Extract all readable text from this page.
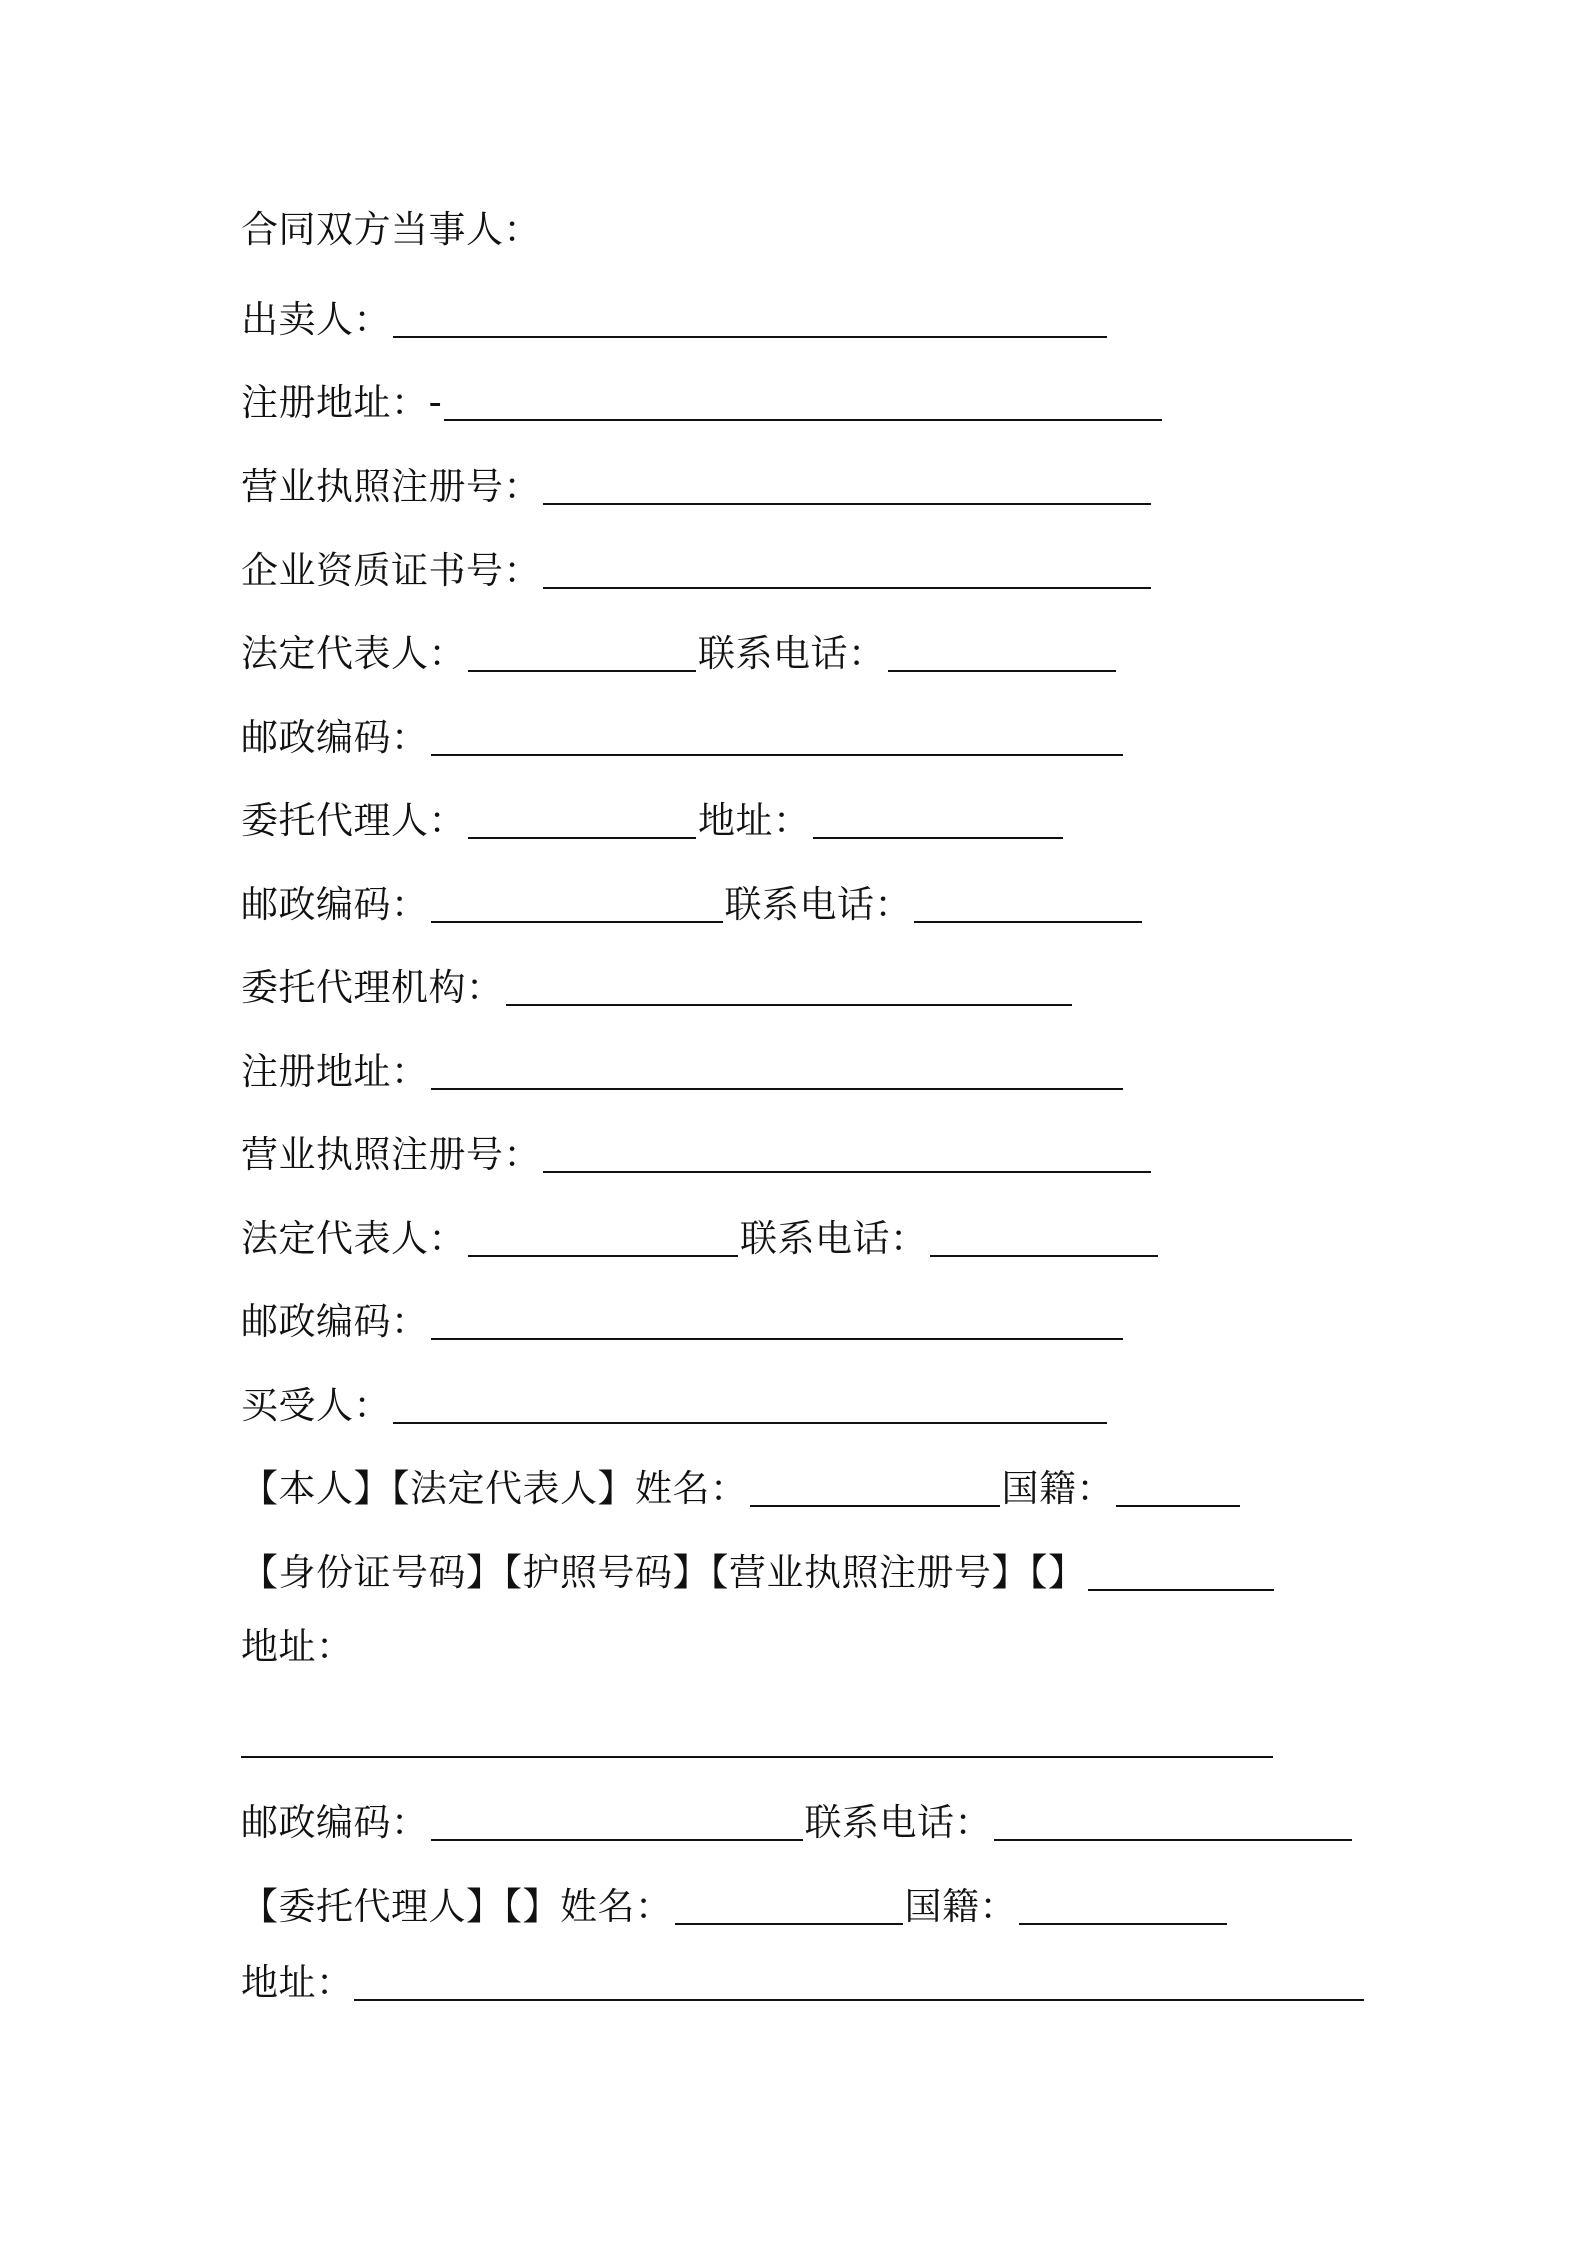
合同双方当事人：
出卖人：
注册地址：-
营业执照注册号：
企业资质证书号：
法定代表人：	联系电话：
邮政编码：
委托代理人：	地址：
邮政编码：	联系电话：
委托代理机构：
注册地址：
营业执照注册号：
法定代表人：	联系电话：
邮政编码：
买受人：
【本人】【法定代表人】姓名：	国籍：
【身份证号码】【护照号码】【营业执照注册号】【】
地址：
邮政编码：	联系电话：
【委托代理人】【】姓名：	国籍：
地址：
